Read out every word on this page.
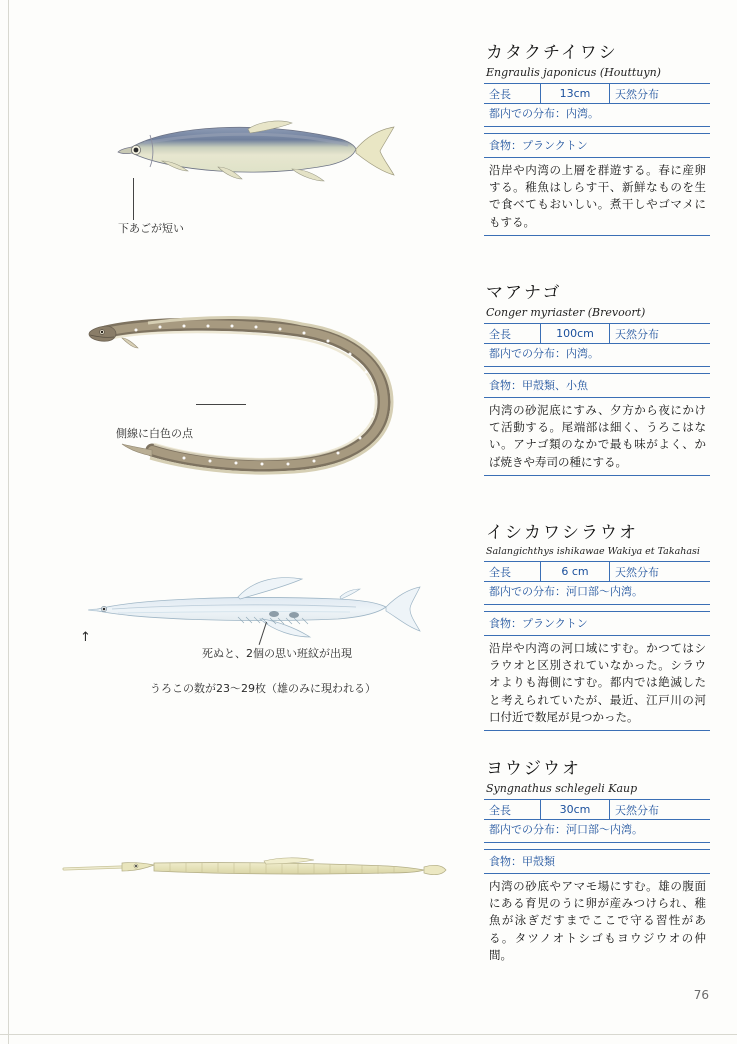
下あごが短い
側線に白色の点
↑
死ぬと、2個の思い班紋が出現
うろこの数が23～29枚（雄のみに現われる）
カタクチイワシ
Engraulis japonicus (Houttuyn)
全長	13cm	天然分布
都内での分布：内湾。
食物：プランクトン
沿岸や内湾の上層を群遊する。春に産卵する。稚魚はしらす干、新鮮なものを生で食べてもおいしい。煮干しやゴマメにもする。
マアナゴ
Conger myriaster (Brevoort)
全長	100cm	天然分布
都内での分布：内湾。
食物：甲殻類、小魚
内湾の砂泥底にすみ、夕方から夜にかけて活動する。尾端部は細く、うろこはない。アナゴ類のなかで最も味がよく、かば焼きや寿司の種にする。
イシカワシラウオ
Salangichthys ishikawae Wakiya et Takahasi
全長	6 cm	天然分布
都内での分布：河口部～内湾。
食物：プランクトン
沿岸や内湾の河口域にすむ。かつてはシラウオと区別されていなかった。シラウオよりも海側にすむ。都内では絶滅したと考えられていたが、最近、江戸川の河口付近で数尾が見つかった。
ヨウジウオ
Syngnathus schlegeli Kaup
全長	30cm	天然分布
都内での分布：河口部～内湾。
食物：甲殻類
内湾の砂底やアマモ場にすむ。雄の腹面にある育児のうに卵が産みつけられ、稚魚が泳ぎだすまでここで守る習性がある。タツノオトシゴもヨウジウオの仲間。
76
